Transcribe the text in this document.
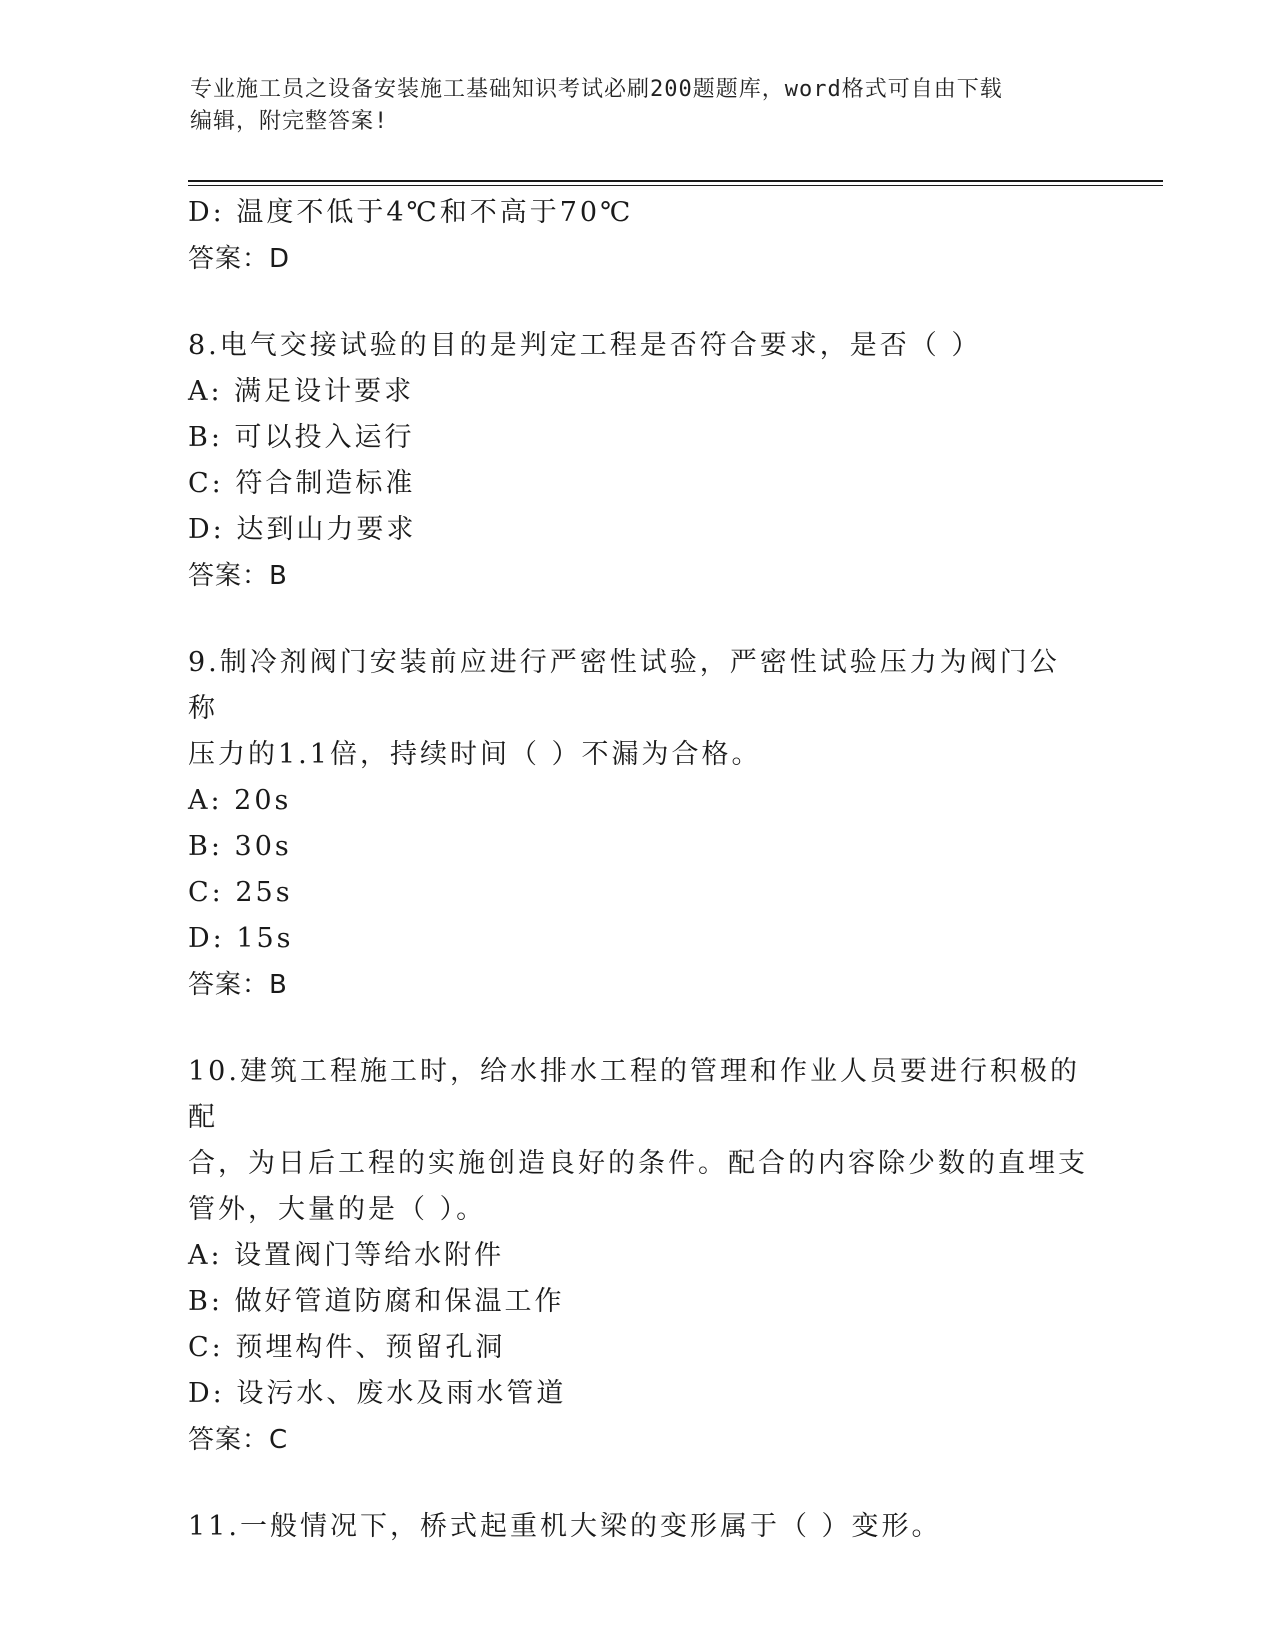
专业施工员之设备安装施工基础知识考试必刷200题题库，word格式可自由下载
编辑，附完整答案!
D: 温度不低于4℃和不高于70℃
答案：D
8.电气交接试验的目的是判定工程是否符合要求，是否（ ）
A: 满足设计要求
B: 可以投入运行
C: 符合制造标准
D: 达到山力要求
答案：B
9.制冷剂阀门安装前应进行严密性试验，严密性试验压力为阀门公称
压力的1.1倍，持续时间（ ）不漏为合格。
A: 20s
B: 30s
C: 25s
D: 15s
答案：B
10.建筑工程施工时，给水排水工程的管理和作业人员要进行积极的配
合，为日后工程的实施创造良好的条件。配合的内容除少数的直埋支
管外，大量的是（ ）。
A: 设置阀门等给水附件
B: 做好管道防腐和保温工作
C: 预埋构件、预留孔洞
D: 设污水、废水及雨水管道
答案：C
11.一般情况下，桥式起重机大梁的变形属于（ ）变形。
